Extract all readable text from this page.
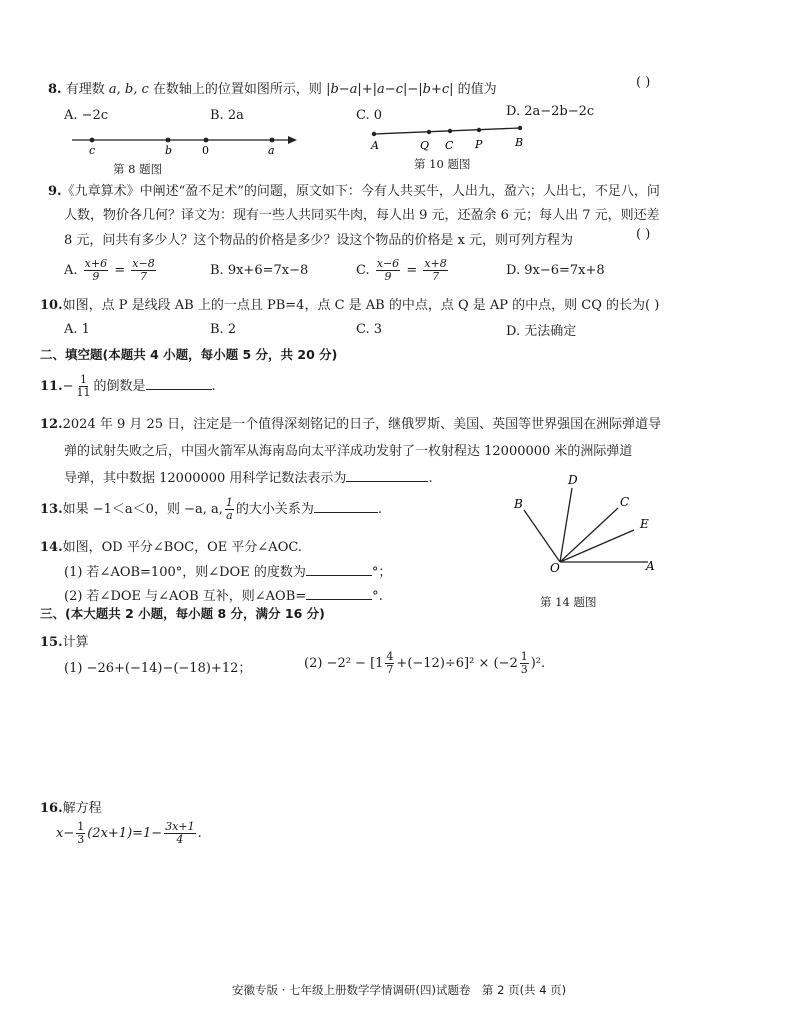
8. 有理数 a, b, c 在数轴上的位置如图所示，则 |b−a|+|a−c|−|b+c| 的值为	( )
A. −2c	B. 2a	C. 0	D. 2a−2b−2c
c	b	0	a
第 8 题图
A	Q C P	B
第 10 题图
9.《九章算术》中阐述“盈不足术”的问题，原文如下：今有人共买牛，人出九，盈六；人出七，不足八，问
人数，物价各几何？译文为：现有一些人共同买牛肉，每人出 9 元，还盈余 6 元；每人出 7 元，则还差
8 元，问共有多少人？这个物品的价格是多少？设这个物品的价格是 x 元，则可列方程为	( )
A. $\frac{x+6}{9} = \frac{x-8}{7}$	B. 9x+6=7x−8	C. $\frac{x-6}{9} = \frac{x+8}{7}$	D. 9x−6=7x+8
10.如图，点 P 是线段 AB 上的一点且 PB=4，点 C 是 AB 的中点，点 Q 是 AP 的中点，则 CQ 的长为( )
A. 1	B. 2	C. 3	D. 无法确定
二、填空题(本题共 4 小题，每小题 5 分，共 20 分)
$11.- \frac{1}{11}$ 的倒数是	.
12.2024 年 9 月 25 日，注定是一个值得深刻铭记的日子，继俄罗斯、美国、英国等世界强国在洲际弹道导
弹的试射失败之后，中国火箭军从海南岛向太平洋成功发射了一枚射程达 12000000 米的洲际弹道
导弹，其中数据 12000000 用科学记数法表示为	.
13.如果 −1＜a＜0，则 −a, a, $\frac{1}{a}$ 的大小关系为	.
14.如图，OD 平分∠BOC，OE 平分∠AOC.
(1) 若∠AOB=100°，则∠DOE 的度数为	°；
(2) 若∠DOE 与∠AOB 互补，则∠AOB=	°.
D
B	C
E
O	A
第 14 题图
三、(本大题共 2 小题，每小题 8 分，满分 16 分)
15.计算
(1) −26+(−14)−(−18)+12；	$(2) -2^2 - [1 \frac{4}{7} +(-12)\div 6]^2 \times (-2 \frac{1}{3} )^2$.
16.解方程
$x- \frac{1}{3} (2x+1)=1- \frac{3x+1}{4}$ .
安徽专版 · 七年级上册数学学情调研(四)试题卷　第 2 页(共 4 页)
